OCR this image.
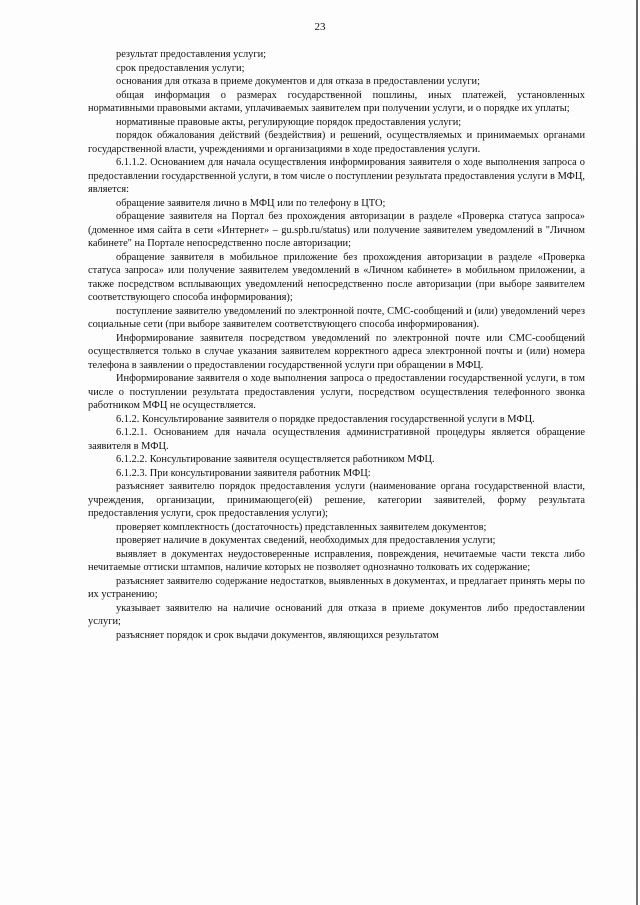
23

результат предоставления услуги;

срок предоставления услуги;

основания для отказа в приеме документов и для отказа в предоставлении услуги;

общая информация о размерах государственной пошлины, иных платежей, установленных нормативными правовыми актами, уплачиваемых заявителем при получении услуги, и о порядке их уплаты;

нормативные правовые акты, регулирующие порядок предоставления услуги;

порядок обжалования действий (бездействия) и решений, осуществляемых и принимаемых органами государственной власти, учреждениями и организациями в ходе предоставления услуги.

6.1.1.2. Основанием для начала осуществления информирования заявителя о ходе выполнения запроса о предоставлении государственной услуги, в том числе о поступлении результата предоставления услуги в МФЦ, является:

обращение заявителя лично в МФЦ или по телефону в ЦТО;

обращение заявителя на Портал без прохождения авторизации в разделе «Проверка статуса запроса» (доменное имя сайта в сети «Интернет» – gu.spb.ru/status) или получение заявителем уведомлений в "Личном кабинете" на Портале непосредственно после авторизации;

обращение заявителя в мобильное приложение без прохождения авторизации в разделе «Проверка статуса запроса» или получение заявителем уведомлений в «Личном кабинете» в мобильном приложении, а также посредством всплывающих уведомлений непосредственно после авторизации (при выборе заявителем соответствующего способа информирования);

поступление заявителю уведомлений по электронной почте, СМС-сообщений и (или) уведомлений через социальные сети (при выборе заявителем соответствующего способа информирования).

Информирование заявителя посредством уведомлений по электронной почте или СМС-сообщений осуществляется только в случае указания заявителем корректного адреса электронной почты и (или) номера телефона в заявлении о предоставлении государственной услуги при обращении в МФЦ.

Информирование заявителя о ходе выполнения запроса о предоставлении государственной услуги, в том числе о поступлении результата предоставления услуги, посредством осуществления телефонного звонка работником МФЦ не осуществляется.

6.1.2. Консультирование заявителя о порядке предоставления государственной услуги в МФЦ.

6.1.2.1. Основанием для начала осуществления административной процедуры является обращение заявителя в МФЦ.

6.1.2.2. Консультирование заявителя осуществляется работником МФЦ.

6.1.2.3. При консультировании заявителя работник МФЦ:

разъясняет заявителю порядок предоставления услуги (наименование органа государственной власти, учреждения, организации, принимающего(ей) решение, категории заявителей, форму результата предоставления услуги, срок предоставления услуги);

проверяет комплектность (достаточность) представленных заявителем документов;

проверяет наличие в документах сведений, необходимых для предоставления услуги;

выявляет в документах неудостоверенные исправления, повреждения, нечитаемые части текста либо нечитаемые оттиски штампов, наличие которых не позволяет однозначно толковать их содержание;

разъясняет заявителю содержание недостатков, выявленных в документах, и предлагает принять меры по их устранению;

указывает заявителю на наличие оснований для отказа в приеме документов либо предоставлении услуги;

разъясняет порядок и срок выдачи документов, являющихся результатом
